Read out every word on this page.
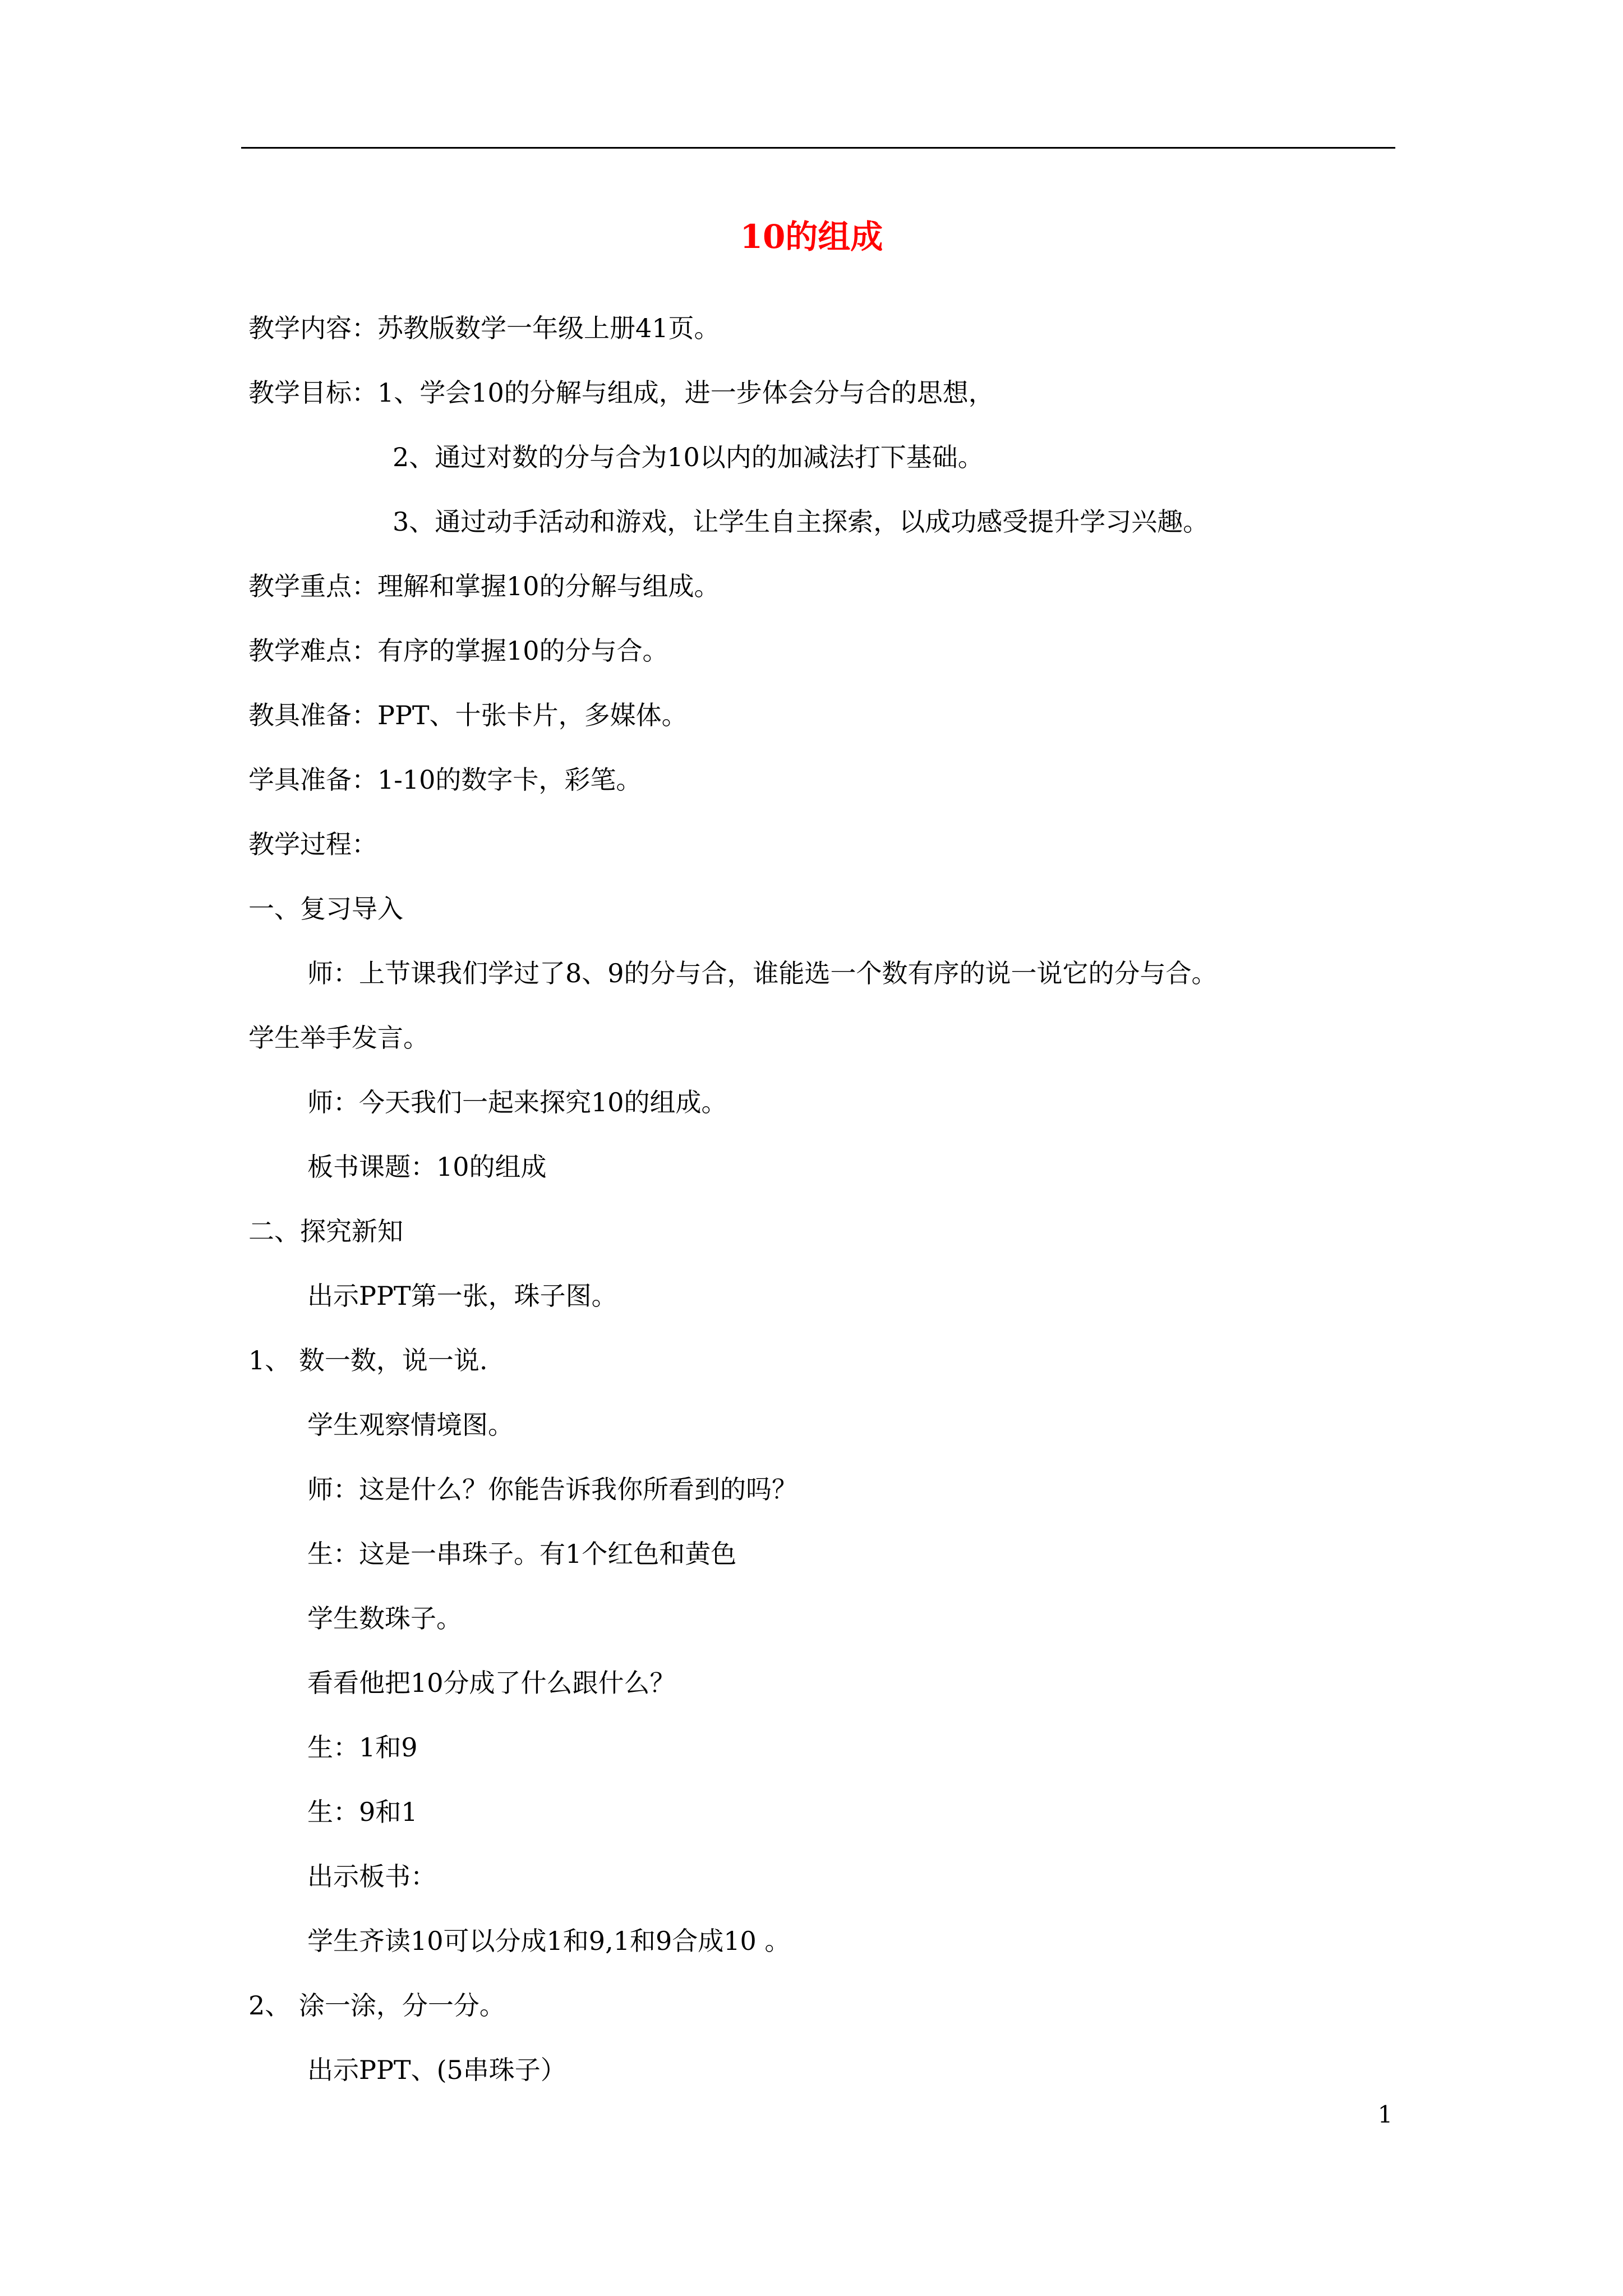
10的组成
教学内容：苏教版数学一年级上册41页。
教学目标：1、学会10的分解与组成，进一步体会分与合的思想，
2、通过对数的分与合为10以内的加减法打下基础。
3、通过动手活动和游戏，让学生自主探索，以成功感受提升学习兴趣。
教学重点：理解和掌握10的分解与组成。
教学难点：有序的掌握10的分与合。
教具准备：PPT、十张卡片，多媒体。
学具准备：1-10的数字卡，彩笔。
教学过程：
一、复习导入
师：上节课我们学过了8、9的分与合，谁能选一个数有序的说一说它的分与合。
学生举手发言。
师：今天我们一起来探究10的组成。
板书课题：10的组成
二、探究新知
出示PPT第一张，珠子图。
1、 数一数，说一说.
学生观察情境图。
师：这是什么？你能告诉我你所看到的吗？
生：这是一串珠子。有1个红色和黄色
学生数珠子。
看看他把10分成了什么跟什么？
生：1和9
生：9和1
出示板书：
学生齐读10可以分成1和9,1和9合成10 。
2、 涂一涂，分一分。
出示PPT、(5串珠子）
1
